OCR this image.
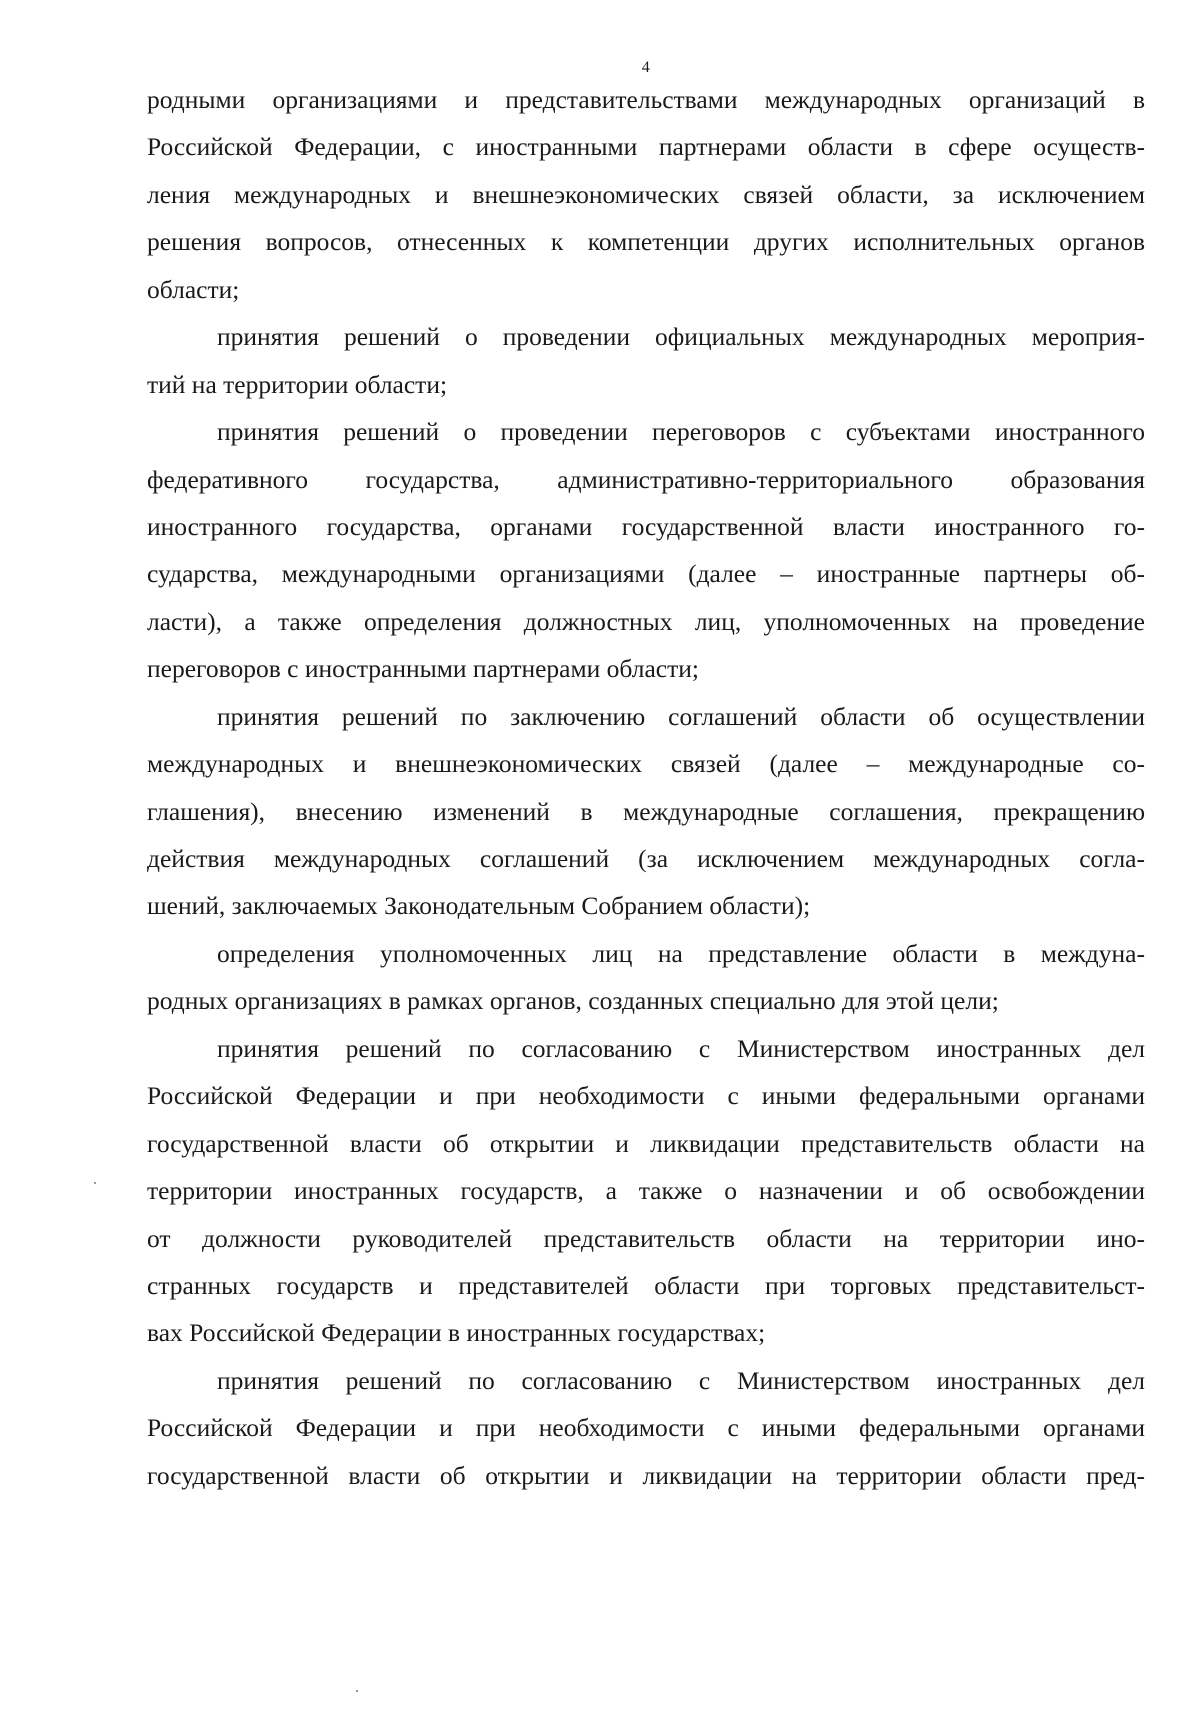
4
родными организациями и представительствами международных организаций в
Российской Федерации, с иностранными партнерами области в сфере осуществ-
ления международных и внешнеэкономических связей области, за исключением
решения вопросов, отнесенных к компетенции других исполнительных органов
области;
принятия решений о проведении официальных международных мероприя-
тий на территории области;
принятия решений о проведении переговоров с субъектами иностранного
федеративного государства, административно-территориального образования
иностранного государства, органами государственной власти иностранного го-
сударства, международными организациями (далее – иностранные партнеры об-
ласти), а также определения должностных лиц, уполномоченных на проведение
переговоров с иностранными партнерами области;
принятия решений по заключению соглашений области об осуществлении
международных и внешнеэкономических связей (далее – международные со-
глашения), внесению изменений в международные соглашения, прекращению
действия международных соглашений (за исключением международных согла-
шений, заключаемых Законодательным Собранием области);
определения уполномоченных лиц на представление области в междуна-
родных организациях в рамках органов, созданных специально для этой цели;
принятия решений по согласованию с Министерством иностранных дел
Российской Федерации и при необходимости с иными федеральными органами
государственной власти об открытии и ликвидации представительств области на
территории иностранных государств, а также о назначении и об освобождении
от должности руководителей представительств области на территории ино-
странных государств и представителей области при торговых представительст-
вах Российской Федерации в иностранных государствах;
принятия решений по согласованию с Министерством иностранных дел
Российской Федерации и при необходимости с иными федеральными органами
государственной власти об открытии и ликвидации на территории области пред-
